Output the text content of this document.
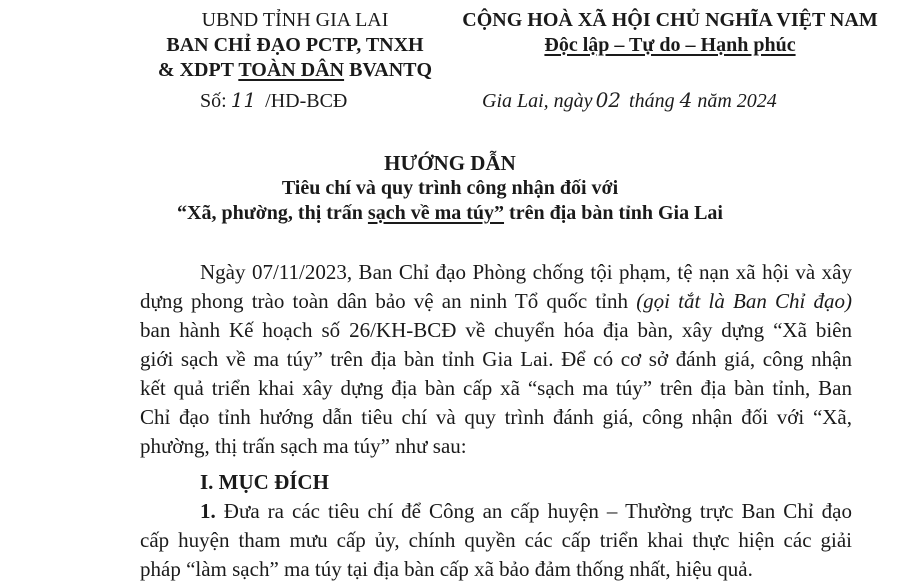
UBND TỈNH GIA LAI
BAN CHỈ ĐẠO PCTP, TNXH
& XDPT TOÀN DÂN BVANTQ
Số: 11 /HD-BCĐ
CỘNG HOÀ XÃ HỘI CHỦ NGHĨA VIỆT NAM
Độc lập – Tự do – Hạnh phúc
Gia Lai, ngày 02 tháng 4 năm 2024
HƯỚNG DẪN
Tiêu chí và quy trình công nhận đối với
“Xã, phường, thị trấn sạch về ma túy” trên địa bàn tỉnh Gia Lai
Ngày 07/11/2023, Ban Chỉ đạo Phòng chống tội phạm, tệ nạn xã hội và xây
dựng phong trào toàn dân bảo vệ an ninh Tổ quốc tỉnh (gọi tắt là Ban Chỉ đạo)
ban hành Kế hoạch số 26/KH-BCĐ về chuyển hóa địa bàn, xây dựng “Xã biên
giới sạch về ma túy” trên địa bàn tỉnh Gia Lai. Để có cơ sở đánh giá, công nhận
kết quả triển khai xây dựng địa bàn cấp xã “sạch ma túy” trên địa bàn tỉnh, Ban
Chỉ đạo tỉnh hướng dẫn tiêu chí và quy trình đánh giá, công nhận đối với “Xã,
phường, thị trấn sạch ma túy” như sau:
I. MỤC ĐÍCH
1. Đưa ra các tiêu chí để Công an cấp huyện – Thường trực Ban Chỉ đạo
cấp huyện tham mưu cấp ủy, chính quyền các cấp triển khai thực hiện các giải
pháp “làm sạch” ma túy tại địa bàn cấp xã bảo đảm thống nhất, hiệu quả.
